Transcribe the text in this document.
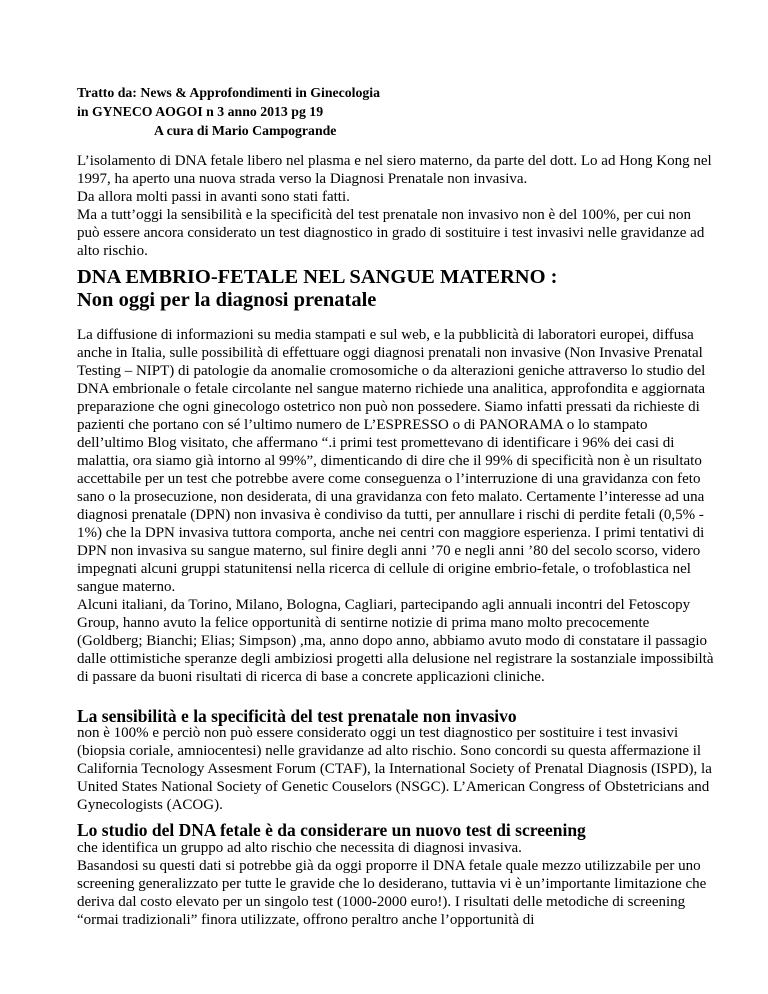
Tratto da: News & Approfondimenti in Ginecologia
in GYNECO AOGOI n 3 anno 2013 pg 19
A cura di Mario Campogrande

L’isolamento di DNA fetale libero nel plasma e nel siero materno, da parte del dott. Lo ad Hong Kong nel 1997, ha aperto una nuova strada verso la Diagnosi Prenatale non invasiva.

Da allora molti passi in avanti sono stati fatti.

Ma a tutt’oggi la sensibilità e la specificità del test prenatale non invasivo non è del 100%, per cui non può essere ancora considerato un test diagnostico in grado di sostituire i test invasivi nelle gravidanze ad alto rischio.

DNA EMBRIO-FETALE NEL SANGUE MATERNO :
Non oggi per la diagnosi prenatale

La diffusione di informazioni su media stampati e sul web, e la pubblicità di laboratori europei, diffusa anche in Italia, sulle possibilità di effettuare oggi diagnosi prenatali non invasive (Non Invasive Prenatal Testing – NIPT) di patologie da anomalie cromosomiche o da alterazioni geniche attraverso lo studio del DNA embrionale o fetale circolante nel sangue materno richiede una analitica, approfondita e aggiornata preparazione che ogni ginecologo ostetrico non può non possedere. Siamo infatti pressati da richieste di pazienti che portano con sé l’ultimo numero de L’ESPRESSO o di PANORAMA o lo stampato dell’ultimo Blog visitato, che affermano “.i primi test promettevano di identificare i 96% dei casi di malattia, ora siamo già intorno al 99%”, dimenticando di dire che il 99% di specificità non è un risultato accettabile per un test che potrebbe avere come conseguenza o l’interruzione di una gravidanza con feto sano o la prosecuzione, non desiderata, di una gravidanza con feto malato. Certamente l’interesse ad una diagnosi prenatale (DPN) non invasiva è condiviso da tutti, per annullare i rischi di perdite fetali (0,5% - 1%) che la DPN invasiva tuttora comporta, anche nei centri con maggiore esperienza. I primi tentativi di DPN non invasiva su sangue materno, sul finire degli anni ’70 e negli anni ’80 del secolo scorso, videro impegnati alcuni gruppi statunitensi nella ricerca di cellule di origine embrio-fetale, o trofoblastica nel sangue materno.

Alcuni italiani, da Torino, Milano, Bologna, Cagliari, partecipando agli annuali incontri del Fetoscopy Group, hanno avuto la felice opportunità di sentirne notizie di prima mano molto precocemente (Goldberg; Bianchi; Elias; Simpson) ,ma, anno dopo anno, abbiamo avuto modo di constatare il passagio dalle ottimistiche speranze degli ambiziosi progetti alla delusione nel registrare la sostanziale impossibiltà di passare da buoni risultati di ricerca di base a concrete applicazioni cliniche.

La sensibilità e la specificità del test prenatale non invasivo

non è 100% e perciò non può essere considerato oggi un test diagnostico per sostituire i test invasivi (biopsia coriale, amniocentesi) nelle gravidanze ad alto rischio. Sono concordi su questa affermazione il California Tecnology Assesment Forum (CTAF), la International Society of Prenatal Diagnosis (ISPD), la United States National Society of Genetic Couselors (NSGC). L’American Congress of Obstetricians and Gynecologists (ACOG).

Lo studio del DNA fetale è da considerare un nuovo test di screening

che identifica un gruppo ad alto rischio che necessita di diagnosi invasiva.

Basandosi su questi dati si potrebbe già da oggi proporre il DNA fetale quale mezzo utilizzabile per uno screening generalizzato per tutte le gravide che lo desiderano, tuttavia vi è un’importante limitazione che deriva dal costo elevato per un singolo test (1000-2000 euro!). I risultati delle metodiche di screening “ormai tradizionali” finora utilizzate, offrono peraltro anche l’opportunità di
